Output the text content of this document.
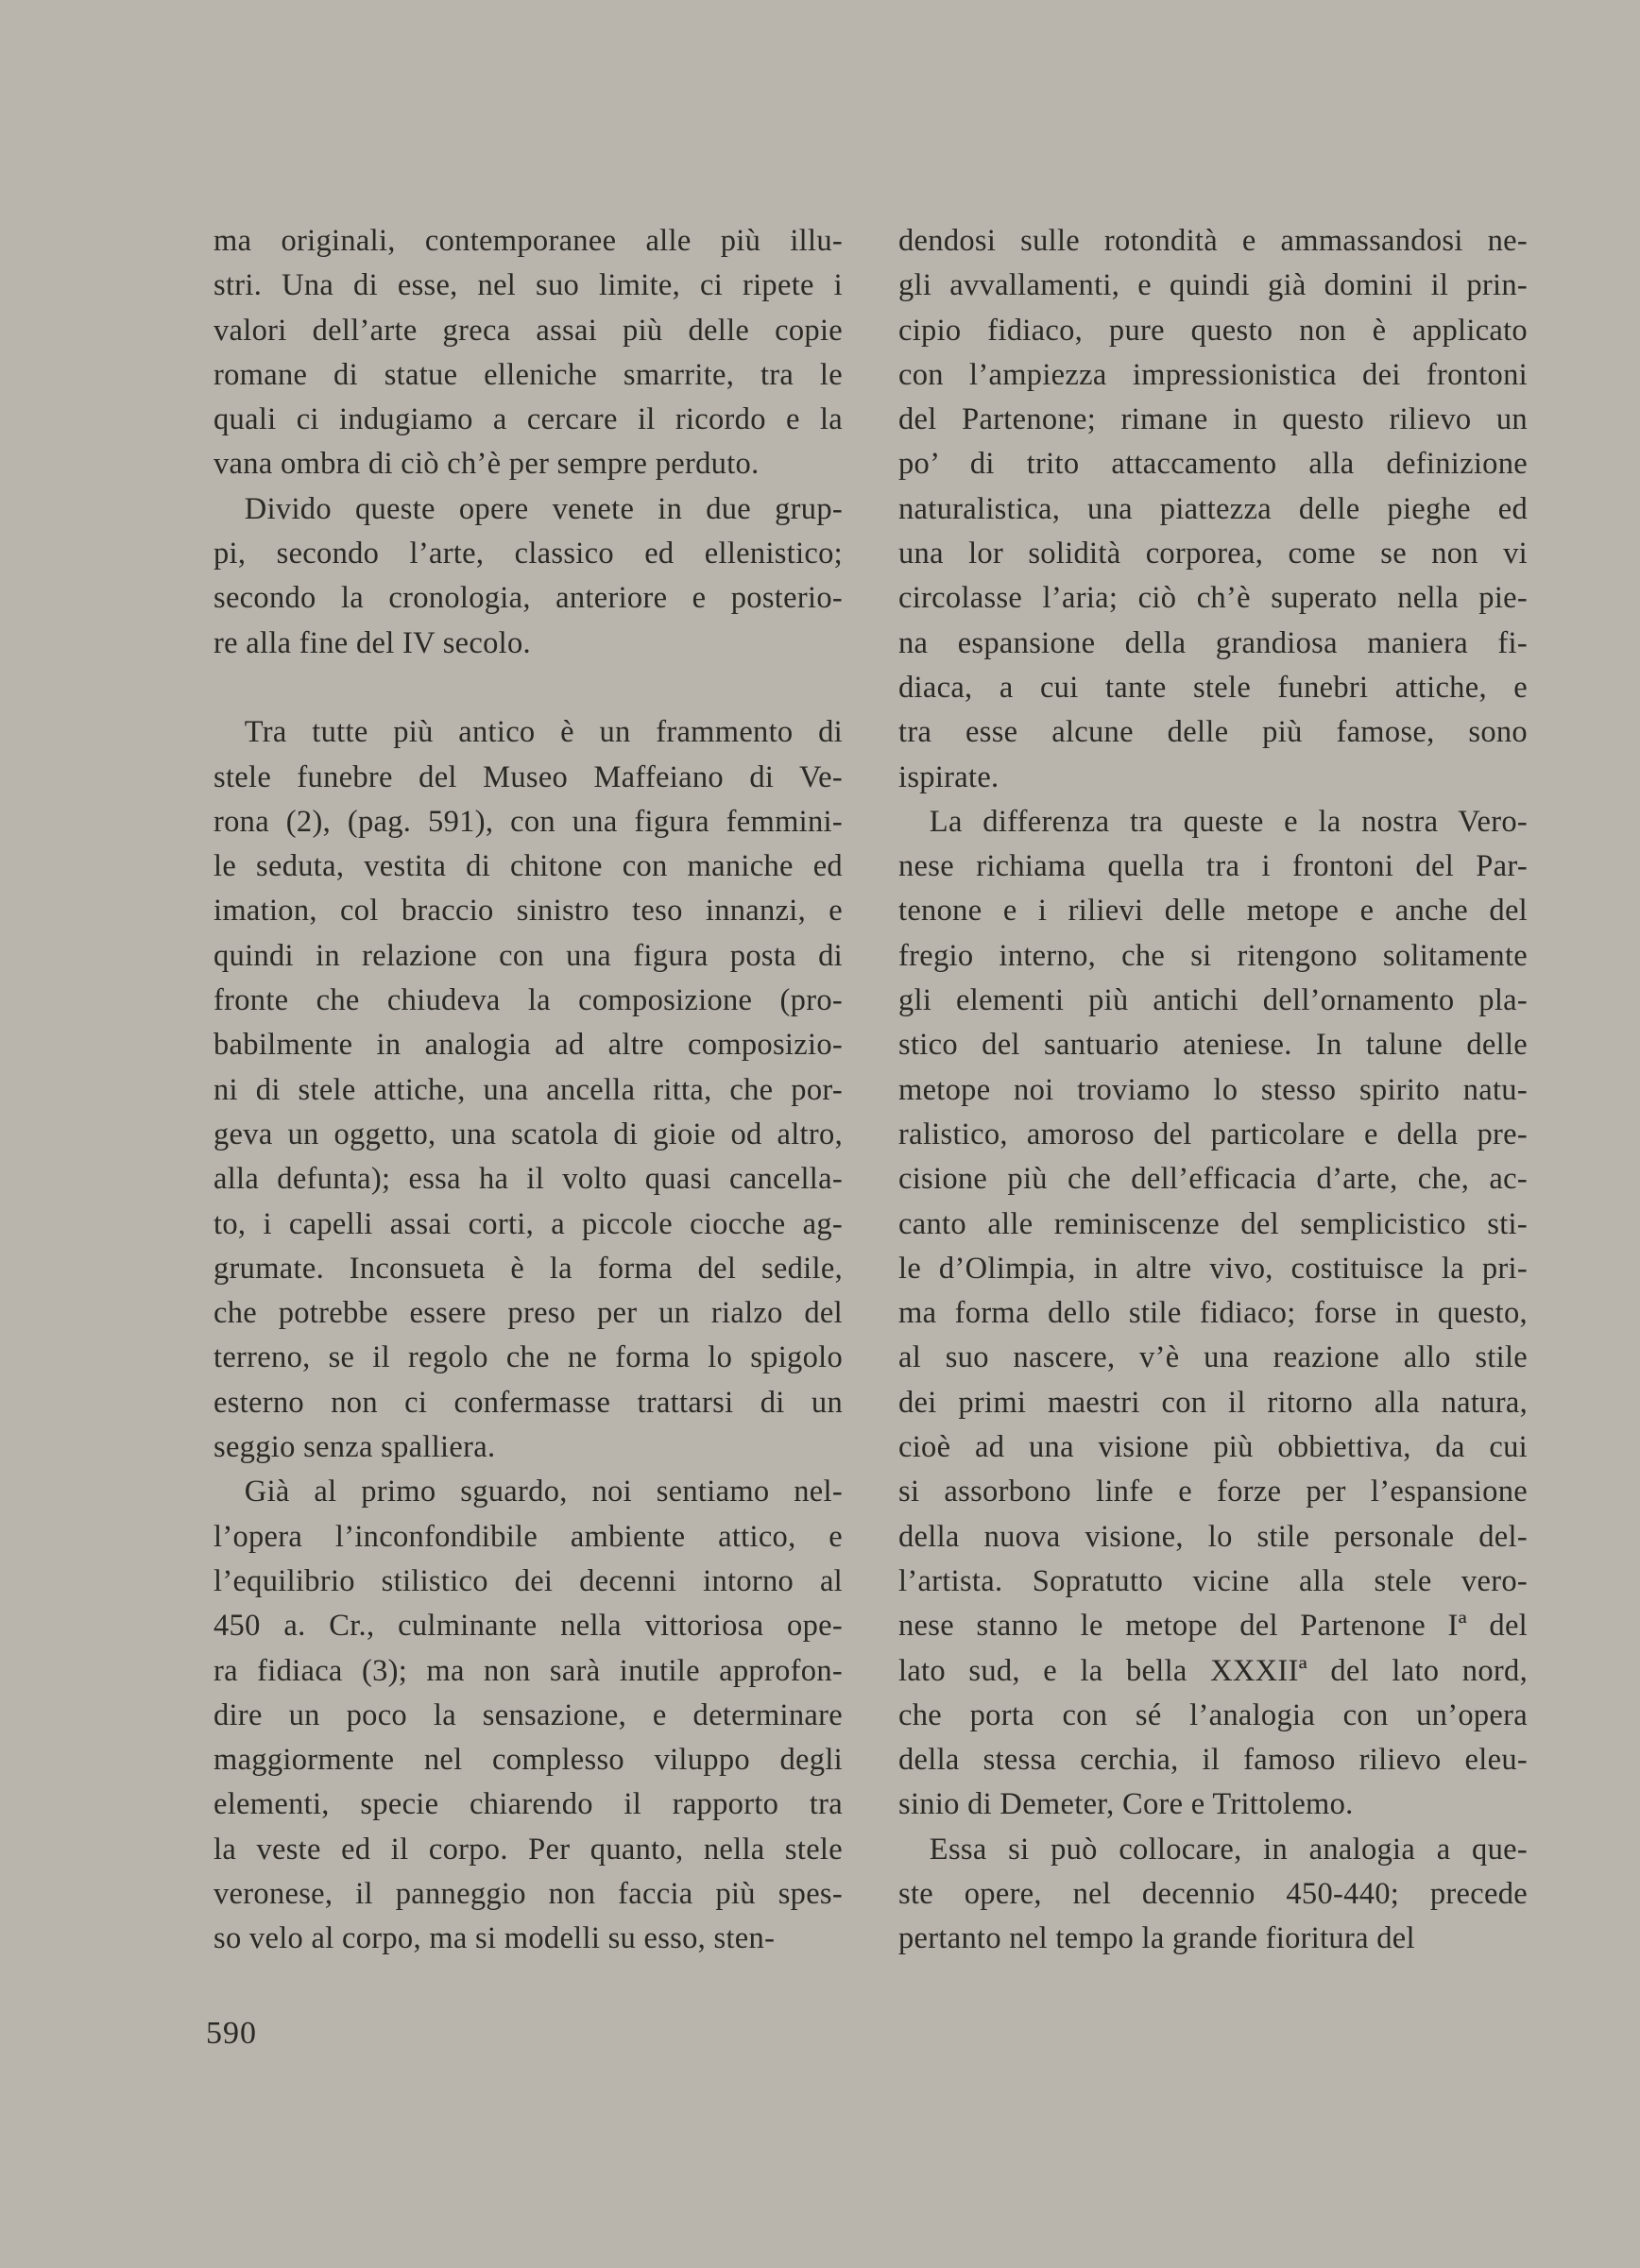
ma originali, contemporanee alle più illu-
stri. Una di esse, nel suo limite, ci ripete i
valori dell’arte greca assai più delle copie
romane di statue elleniche smarrite, tra le
quali ci indugiamo a cercare il ricordo e la
vana ombra di ciò ch’è per sempre perduto.
 Divido queste opere venete in due grup-
pi, secondo l’arte, classico ed ellenistico;
secondo la cronologia, anteriore e posterio-
re alla fine del IV secolo.
 Tra tutte più antico è un frammento di
stele funebre del Museo Maffeiano di Ve-
rona (2), (pag. 591), con una figura femmini-
le seduta, vestita di chitone con maniche ed
imation, col braccio sinistro teso innanzi, e
quindi in relazione con una figura posta di
fronte che chiudeva la composizione (pro-
babilmente in analogia ad altre composizio-
ni di stele attiche, una ancella ritta, che por-
geva un oggetto, una scatola di gioie od altro,
alla defunta); essa ha il volto quasi cancella-
to, i capelli assai corti, a piccole ciocche ag-
grumate. Inconsueta è la forma del sedile,
che potrebbe essere preso per un rialzo del
terreno, se il regolo che ne forma lo spigolo
esterno non ci confermasse trattarsi di un
seggio senza spalliera.
 Già al primo sguardo, noi sentiamo nel-
l’opera l’inconfondibile ambiente attico, e
l’equilibrio stilistico dei decenni intorno al
450 a. Cr., culminante nella vittoriosa ope-
ra fidiaca (3); ma non sarà inutile approfon-
dire un poco la sensazione, e determinare
maggiormente nel complesso viluppo degli
elementi, specie chiarendo il rapporto tra
la veste ed il corpo. Per quanto, nella stele
veronese, il panneggio non faccia più spes-
so velo al corpo, ma si modelli su esso, sten-
dendosi sulle rotondità e ammassandosi ne-
gli avvallamenti, e quindi già domini il prin-
cipio fidiaco, pure questo non è applicato
con l’ampiezza impressionistica dei frontoni
del Partenone; rimane in questo rilievo un
po’ di trito attaccamento alla definizione
naturalistica, una piattezza delle pieghe ed
una lor solidità corporea, come se non vi
circolasse l’aria; ciò ch’è superato nella pie-
na espansione della grandiosa maniera fi-
diaca, a cui tante stele funebri attiche, e
tra esse alcune delle più famose, sono
ispirate.
 La differenza tra queste e la nostra Vero-
nese richiama quella tra i frontoni del Par-
tenone e i rilievi delle metope e anche del
fregio interno, che si ritengono solitamente
gli elementi più antichi dell’ornamento pla-
stico del santuario ateniese. In talune delle
metope noi troviamo lo stesso spirito natu-
ralistico, amoroso del particolare e della pre-
cisione più che dell’efficacia d’arte, che, ac-
canto alle reminiscenze del semplicistico sti-
le d’Olimpia, in altre vivo, costituisce la pri-
ma forma dello stile fidiaco; forse in questo,
al suo nascere, v’è una reazione allo stile
dei primi maestri con il ritorno alla natura,
cioè ad una visione più obbiettiva, da cui
si assorbono linfe e forze per l’espansione
della nuova visione, lo stile personale del-
l’artista. Sopratutto vicine alla stele vero-
nese stanno le metope del Partenone Iª del
lato sud, e la bella XXXIIª del lato nord,
che porta con sé l’analogia con un’opera
della stessa cerchia, il famoso rilievo eleu-
sinio di Demeter, Core e Trittolemo.
 Essa si può collocare, in analogia a que-
ste opere, nel decennio 450-440; precede
pertanto nel tempo la grande fioritura del
590
